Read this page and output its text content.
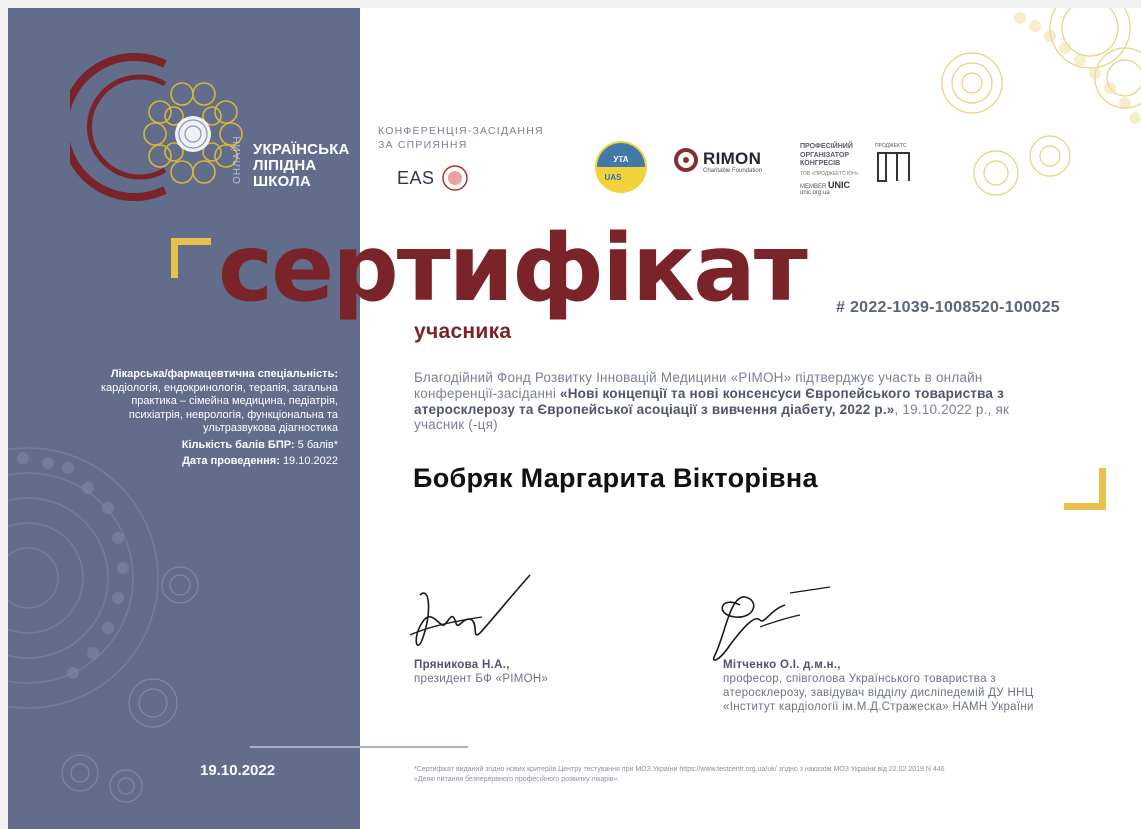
УКРАЇНСЬКА
ЛІПІДНА
ШКОЛА
ОНЛАЙН
Лікарська/фармацевтична спеціальність:
кардіологія, ендокринологія, терапія, загальна практика – сімейна медицина, педіатрія, психіатрія, неврологія, функціональна та ультразвукова діагностика
Кількість балів БПР: 5 балів*
Дата проведення: 19.10.2022
19.10.2022
КОНФЕРЕНЦІЯ-ЗАСІДАННЯ
ЗА СПРИЯННЯ
EAS
УТА
UAS
RIMON
Charitable Foundation
ПРОФЕСІЙНИЙ
ОРГАНІЗАТОР
КОНГРЕСІВ
ТОВ «ПРОДЖЕКТС ЮН»
MEMBER UNIC
unic.org.ua
ПРОДЖЕКТС
сертифікат
учасника
# 2022-1039-1008520-100025
Благодійний Фонд Розвитку Інновацій Медицини «РІМОН» підтверджує участь в онлайн конференції-засіданні «Нові концепції та нові консенсуси Європейського товариства з атеросклерозу та Європейської асоціації з вивчення діабету, 2022 р.», 19.10.2022 р., як учасник (-ця)
Бобряк Маргарита Вікторівна
Пряникова Н.А.,
президент БФ «РІМОН»
Мітченко О.І. д.м.н.,
професор, співголова Українського товариства з
атеросклерозу, завідувач відділу дисліпедемій ДУ ННЦ
«Інститут кардіології ім.М.Д.Стражеска» НАМН України
*Сертифікат виданий згідно нових критеріїв Центру тестування при МОЗ України https://www.testcentr.org.ua/uk/ згідно з наказом МОЗ України від 22.02.2019 N 446
«Деякі питання безперервного професійного розвитку лікарів».
